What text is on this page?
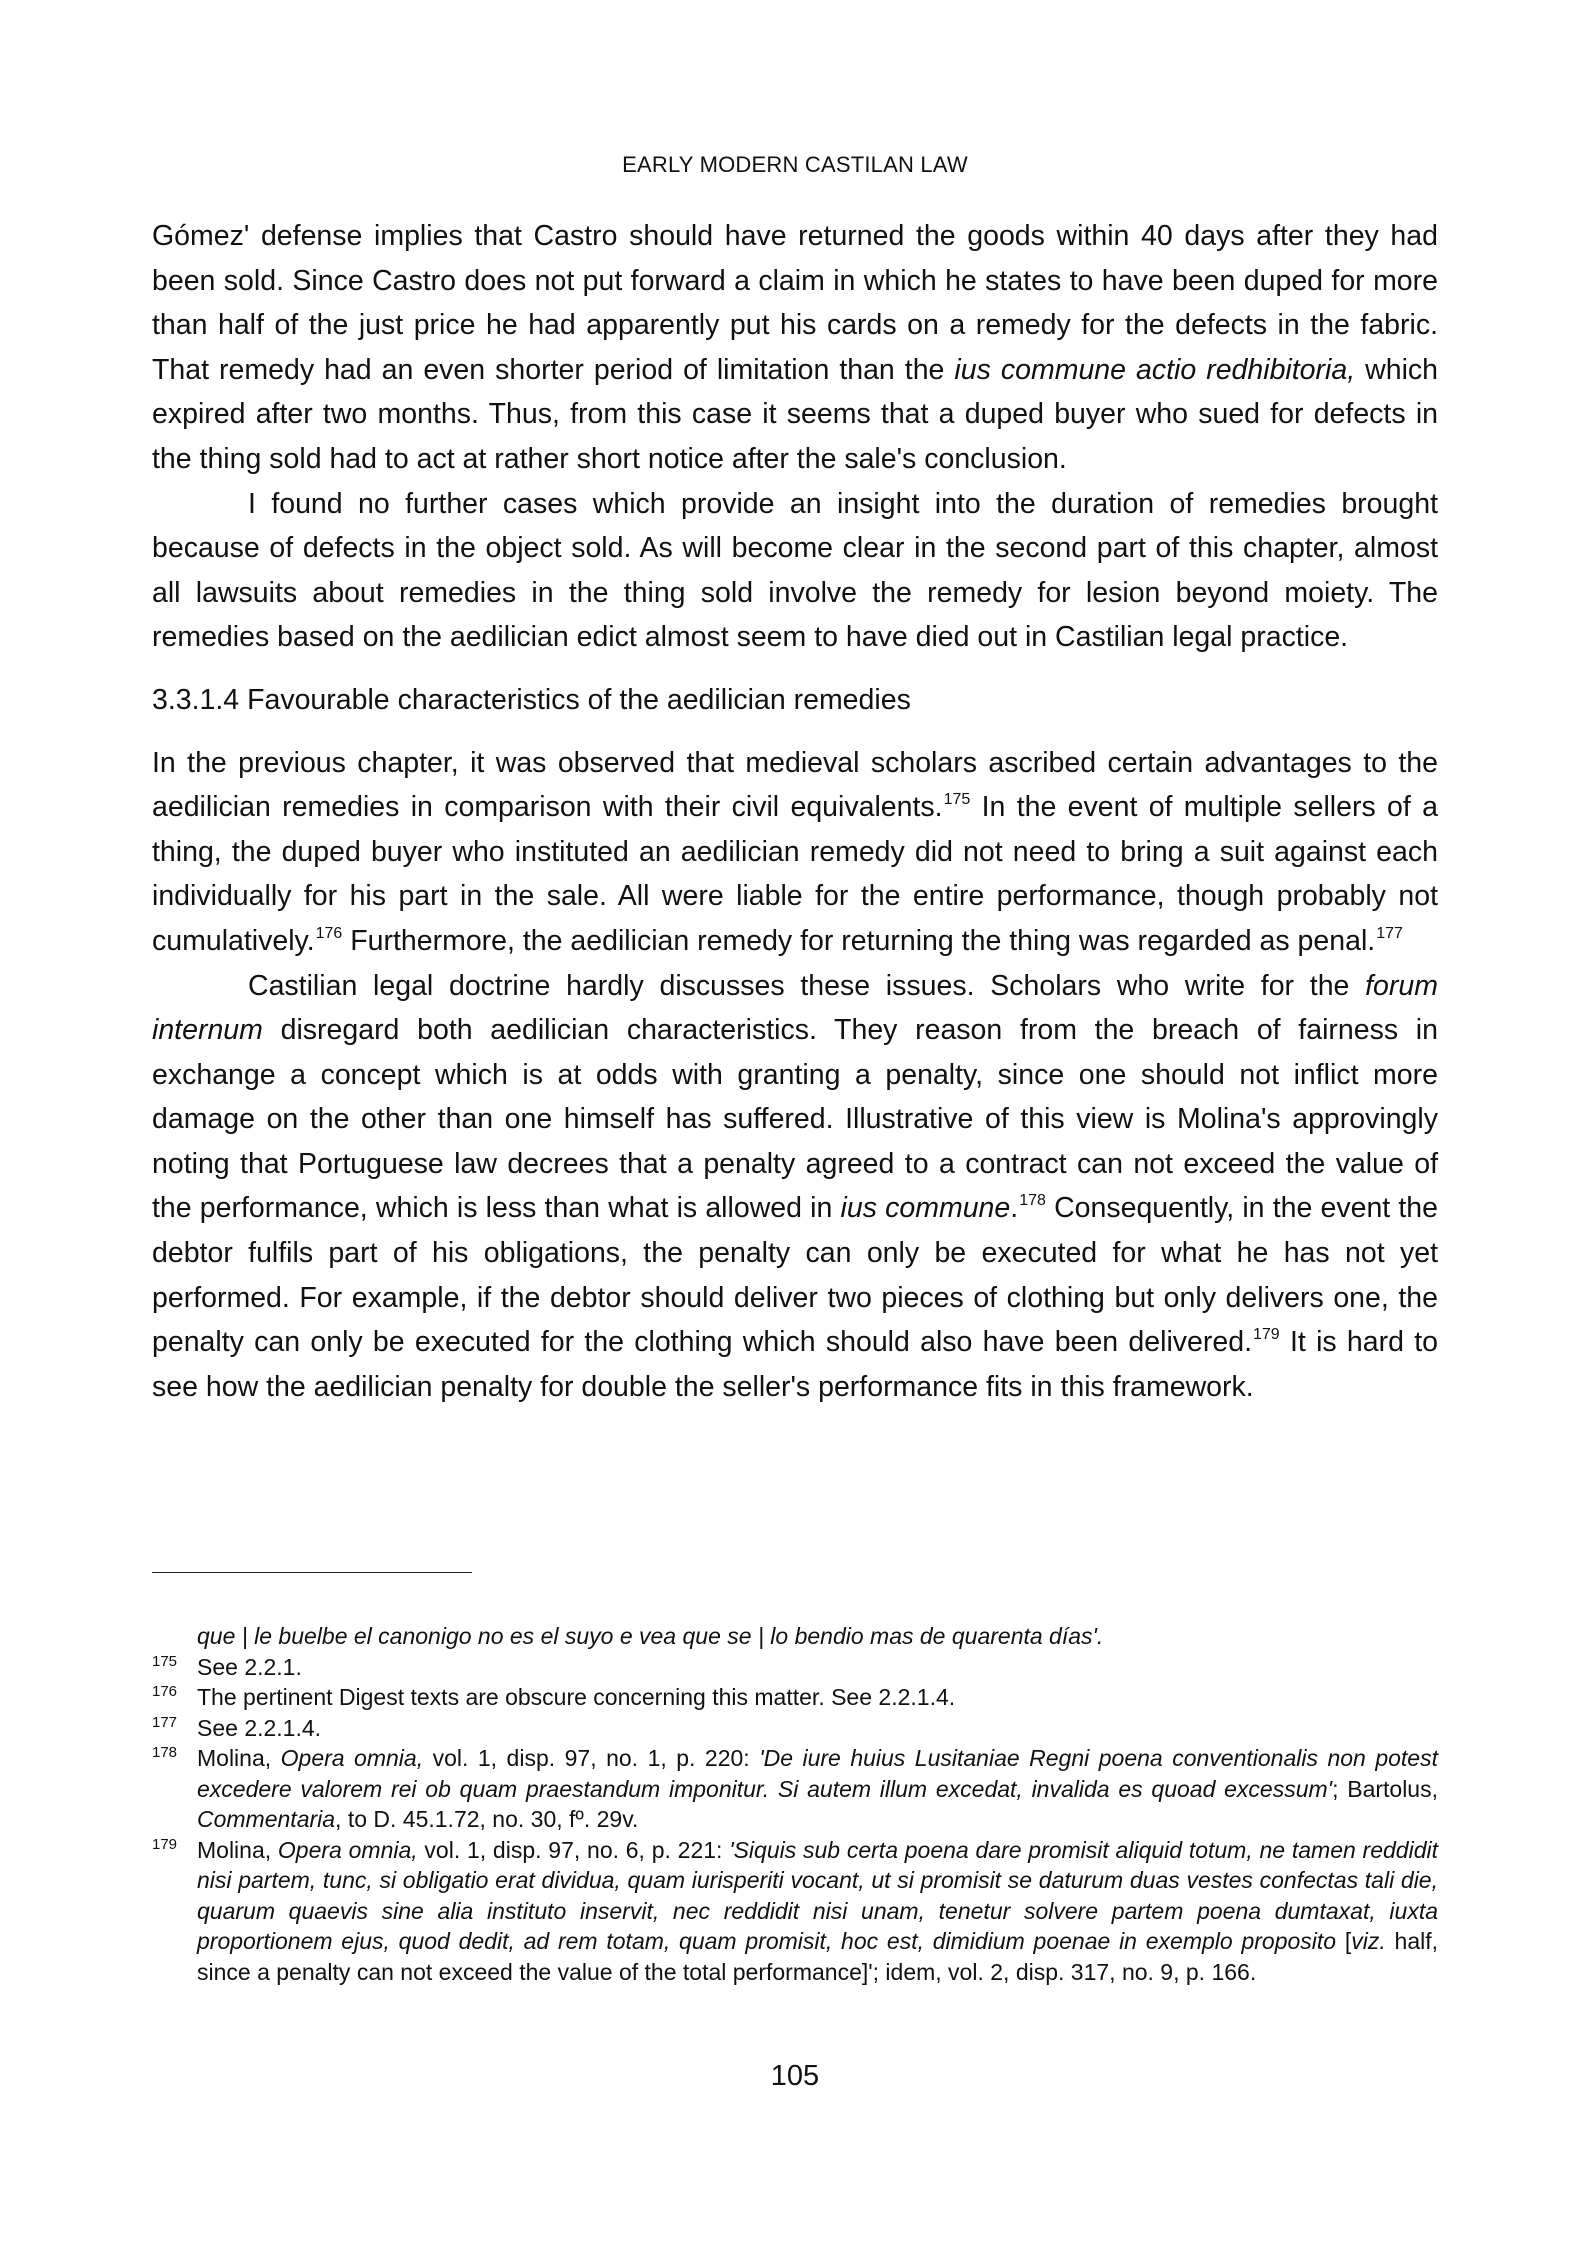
EARLY MODERN CASTILAN LAW

Gómez' defense implies that Castro should have returned the goods within 40 days after they had been sold. Since Castro does not put forward a claim in which he states to have been duped for more than half of the just price he had apparently put his cards on a remedy for the defects in the fabric. That remedy had an even shorter period of limitation than the ius commune actio redhibitoria, which expired after two months. Thus, from this case it seems that a duped buyer who sued for defects in the thing sold had to act at rather short notice after the sale's conclusion.

I found no further cases which provide an insight into the duration of remedies brought because of defects in the object sold. As will become clear in the second part of this chapter, almost all lawsuits about remedies in the thing sold involve the remedy for lesion beyond moiety. The remedies based on the aedilician edict almost seem to have died out in Castilian legal practice.

3.3.1.4 Favourable characteristics of the aedilician remedies

In the previous chapter, it was observed that medieval scholars ascribed certain advantages to the aedilician remedies in comparison with their civil equivalents.$^{175}$ In the event of multiple sellers of a thing, the duped buyer who instituted an aedilician remedy did not need to bring a suit against each individually for his part in the sale. All were liable for the entire performance, though probably not cumulatively.$^{176}$ Furthermore, the aedilician remedy for returning the thing was regarded as penal.$^{177}$

Castilian legal doctrine hardly discusses these issues. Scholars who write for the forum internum disregard both aedilician characteristics. They reason from the breach of fairness in exchange a concept which is at odds with granting a penalty, since one should not inflict more damage on the other than one himself has suffered. Illustrative of this view is Molina's approvingly noting that Portuguese law decrees that a penalty agreed to a contract can not exceed the value of the performance, which is less than what is allowed in ius commune.$^{178}$ Consequently, in the event the debtor fulfils part of his obligations, the penalty can only be executed for what he has not yet performed. For example, if the debtor should deliver two pieces of clothing but only delivers one, the penalty can only be executed for the clothing which should also have been delivered.$^{179}$ It is hard to see how the aedilician penalty for double the seller's performance fits in this framework.

que | le buelbe el canonigo no es el suyo e vea que se | lo bendio mas de quarenta días'.
175 See 2.2.1.
176 The pertinent Digest texts are obscure concerning this matter. See 2.2.1.4.
177 See 2.2.1.4.
178 Molina, Opera omnia, vol. 1, disp. 97, no. 1, p. 220: 'De iure huius Lusitaniae Regni poena conventionalis non potest excedere valorem rei ob quam praestandum imponitur. Si autem illum excedat, invalida es quoad excessum'; Bartolus, Commentaria, to D. 45.1.72, no. 30, fº. 29v.
179 Molina, Opera omnia, vol. 1, disp. 97, no. 6, p. 221: 'Siquis sub certa poena dare promisit aliquid totum, ne tamen reddidit nisi partem, tunc, si obligatio erat dividua, quam iurisperiti vocant, ut si promisit se daturum duas vestes confectas tali die, quarum quaevis sine alia instituto inservit, nec reddidit nisi unam, tenetur solvere partem poena dumtaxat, iuxta proportionem ejus, quod dedit, ad rem totam, quam promisit, hoc est, dimidium poenae in exemplo proposito [viz. half, since a penalty can not exceed the value of the total performance]'; idem, vol. 2, disp. 317, no. 9, p. 166.
105
